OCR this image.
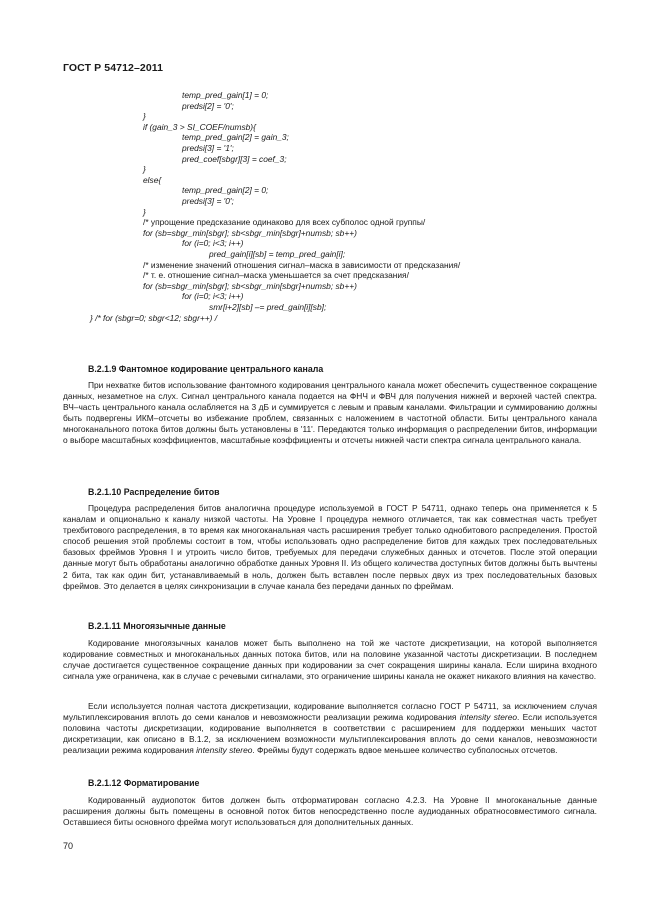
ГОСТ Р 54712–2011
temp_pred_gain[1] = 0;
predsi[2] = '0';
}
if (gain_3 > SI_COEF/numsb){
temp_pred_gain[2] = gain_3;
predsi[3] = '1';
pred_coef[sbgr][3] = coef_3;
}
else{
temp_pred_gain[2] = 0;
predsi[3] = '0';
}
/* упрощение предсказание одинаково для всех субполос одной группы/
for (sb=sbgr_min[sbgr]; sb<sbgr_min[sbgr]+numsb; sb++)
for (i=0; i<3; i++)
pred_gain[i][sb] = temp_pred_gain[i];
/* изменение значений отношения сигнал–маска в зависимости от предсказания/
/* т. е. отношение сигнал–маска уменьшается за счет предсказания/
for (sb=sbgr_min[sbgr]; sb<sbgr_min[sbgr]+numsb; sb++)
for (i=0; i<3; i++)
smr[i+2][sb] –= pred_gain[i][sb];
} /* for (sbgr=0; sbgr<12; sbgr++) /
B.2.1.9 Фантомное кодирование центрального канала
При нехватке битов использование фантомного кодирования центрального канала может обеспечить существенное сокращение данных, незаметное на слух. Сигнал центрального канала подается на ФНЧ и ФВЧ для получения нижней и верхней частей спектра. ВЧ–часть центрального канала ослабляется на 3 дБ и суммируется с левым и правым каналами. Фильтрации и суммированию должны быть подвергены ИКМ–отсчеты во избежание проблем, связанных с наложением в частотной области. Биты центрального канала многоканального потока битов должны быть установлены в '11'. Передаются только информация о распределении битов, информации о выборе масштабных коэффициентов, масштабные коэффициенты и отсчеты нижней части спектра сигнала центрального канала.
B.2.1.10 Распределение битов
Процедура распределения битов аналогична процедуре используемой в ГОСТ Р 54711, однако теперь она применяется к 5 каналам и опционально к каналу низкой частоты. На Уровне I процедура немного отличается, так как совместная часть требует трехбитового распределения, в то время как многоканальная часть расширения требует только однобитового распределения. Простой способ решения этой проблемы состоит в том, чтобы использовать одно распределение битов для каждых трех последовательных базовых фреймов Уровня I и утроить число битов, требуемых для передачи служебных данных и отсчетов. После этой операции данные могут быть обработаны аналогично обработке данных Уровня II. Из общего количества доступных битов должны быть вычтены 2 бита, так как один бит, устанавливаемый в ноль, должен быть вставлен после первых двух из трех последовательных базовых фреймов. Это делается в целях синхронизации в случае канала без передачи данных по фреймам.
B.2.1.11 Многоязычные данные
Кодирование многоязычных каналов может быть выполнено на той же частоте дискретизации, на которой выполняется кодирование совместных и многоканальных данных потока битов, или на половине указанной частоты дискретизации. В последнем случае достигается существенное сокращение данных при кодировании за счет сокращения ширины канала. Если ширина входного сигнала уже ограничена, как в случае с речевыми сигналами, это ограничение ширины канала не окажет никакого влияния на качество.
Если используется полная частота дискретизации, кодирование выполняется согласно ГОСТ Р 54711, за исключением случая мультиплексирования вплоть до семи каналов и невозможности реализации режима кодирования intensity stereo. Если используется половина частоты дискретизации, кодирование выполняется в соответствии с расширением для поддержки меньших частот дискретизации, как описано в B.1.2, за исключением возможности мультиплексирования вплоть до семи каналов, невозможности реализации режима кодирования intensity stereo. Фреймы будут содержать вдвое меньшее количество субполосных отсчетов.
B.2.1.12 Форматирование
Кодированный аудиопоток битов должен быть отформатирован согласно 4.2.3. На Уровне II многоканальные данные расширения должны быть помещены в основной поток битов непосредственно после аудиоданных обратносовместимого сигнала. Оставшиеся биты основного фрейма могут использоваться для дополнительных данных.
70
